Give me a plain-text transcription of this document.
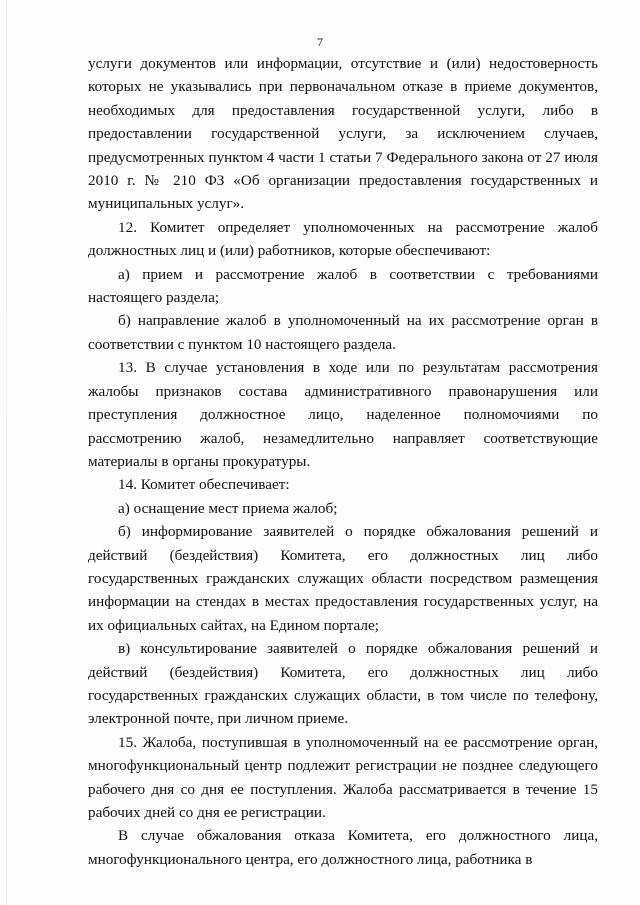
7

услуги документов или информации, отсутствие и (или) недостоверность которых не указывались при первоначальном отказе в приеме документов, необходимых для предоставления государственной услуги, либо в предоставлении государственной услуги, за исключением случаев, предусмотренных пунктом 4 части 1 статьи 7 Федерального закона от 27 июля 2010 г. № 210 ФЗ «Об организации предоставления государственных и муниципальных услуг».

12. Комитет определяет уполномоченных на рассмотрение жалоб должностных лиц и (или) работников, которые обеспечивают:

а) прием и рассмотрение жалоб в соответствии с требованиями настоящего раздела;

б) направление жалоб в уполномоченный на их рассмотрение орган в соответствии с пунктом 10 настоящего раздела.

13. В случае установления в ходе или по результатам рассмотрения жалобы признаков состава административного правонарушения или преступления должностное лицо, наделенное полномочиями по рассмотрению жалоб, незамедлительно направляет соответствующие материалы в органы прокуратуры.

14. Комитет обеспечивает:

а) оснащение мест приема жалоб;

б) информирование заявителей о порядке обжалования решений и действий (бездействия) Комитета, его должностных лиц либо государственных гражданских служащих области посредством размещения информации на стендах в местах предоставления государственных услуг, на их официальных сайтах, на Едином портале;

в) консультирование заявителей о порядке обжалования решений и действий (бездействия) Комитета, его должностных лиц либо государственных гражданских служащих области, в том числе по телефону, электронной почте, при личном приеме.

15. Жалоба, поступившая в уполномоченный на ее рассмотрение орган, многофункциональный центр подлежит регистрации не позднее следующего рабочего дня со дня ее поступления. Жалоба рассматривается в течение 15 рабочих дней со дня ее регистрации.

В случае обжалования отказа Комитета, его должностного лица, многофункционального центра, его должностного лица, работника в
